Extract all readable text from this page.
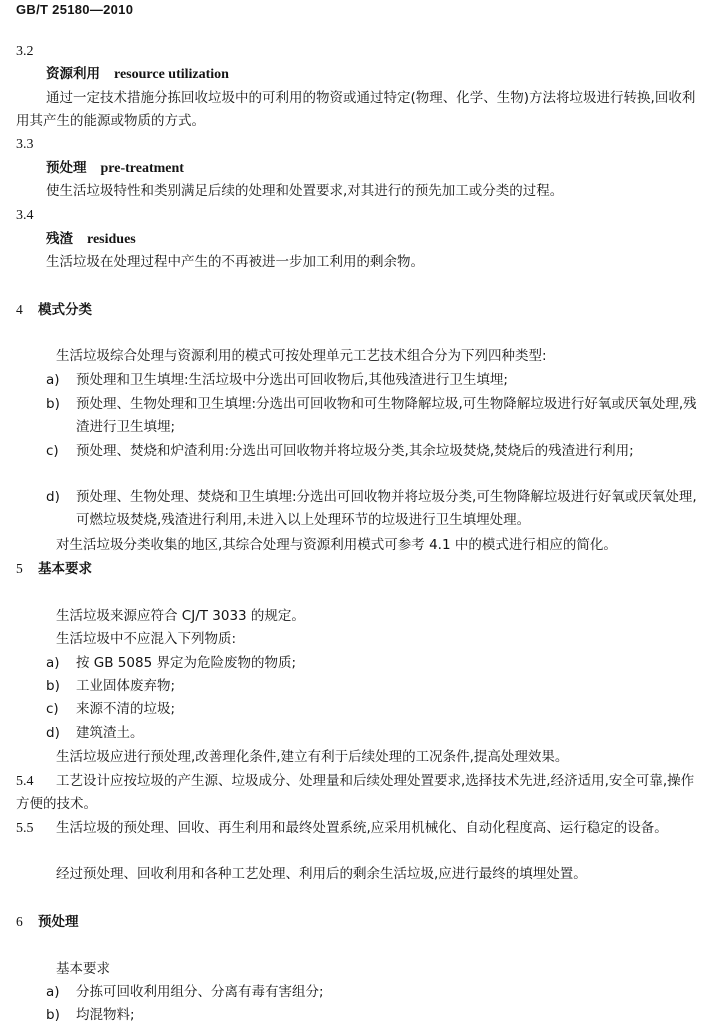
GB/T 25180—2010
3.2
资源利用 resource utilization
通过一定技术措施分拣回收垃圾中的可利用的物资或通过特定(物理、化学、生物)方法将垃圾进行转换,回收利用其产生的能源或物质的方式。
3.3
预处理 pre-treatment
使生活垃圾特性和类别满足后续的处理和处置要求,对其进行的预先加工或分类的过程。
3.4
残渣 residues
生活垃圾在处理过程中产生的不再被进一步加工利用的剩余物。
4 模式分类
生活垃圾综合处理与资源利用的模式可按处理单元工艺技术组合分为下列四种类型:
a)	预处理和卫生填埋:生活垃圾中分选出可回收物后,其他残渣进行卫生填埋;
b)	预处理、生物处理和卫生填埋:分选出可回收物和可生物降解垃圾,可生物降解垃圾进行好氧或厌氧处理,残渣进行卫生填埋;
c)	预处理、焚烧和炉渣利用:分选出可回收物并将垃圾分类,其余垃圾焚烧,焚烧后的残渣进行利用;
d)	预处理、生物处理、焚烧和卫生填埋:分选出可回收物并将垃圾分类,可生物降解垃圾进行好氧或厌氧处理,可燃垃圾焚烧,残渣进行利用,未进入以上处理环节的垃圾进行卫生填埋处理。
对生活垃圾分类收集的地区,其综合处理与资源利用模式可参考 4.1 中的模式进行相应的简化。
5 基本要求
生活垃圾来源应符合 CJ/T 3033 的规定。
生活垃圾中不应混入下列物质:
a)	按 GB 5085 界定为危险废物的物质;
b)	工业固体废弃物;
c)	来源不清的垃圾;
d)	建筑渣土。
生活垃圾应进行预处理,改善理化条件,建立有利于后续处理的工况条件,提高处理效果。
5.4 工艺设计应按垃圾的产生源、垃圾成分、处理量和后续处理处置要求,选择技术先进,经济适用,安全可靠,操作方便的技术。
5.5 生活垃圾的预处理、回收、再生利用和最终处置系统,应采用机械化、自动化程度高、运行稳定的设备。
经过预处理、回收利用和各种工艺处理、利用后的剩余生活垃圾,应进行最终的填埋处置。
6 预处理
基本要求
a)	分拣可回收利用组分、分离有毒有害组分;
b)	均混物料;
